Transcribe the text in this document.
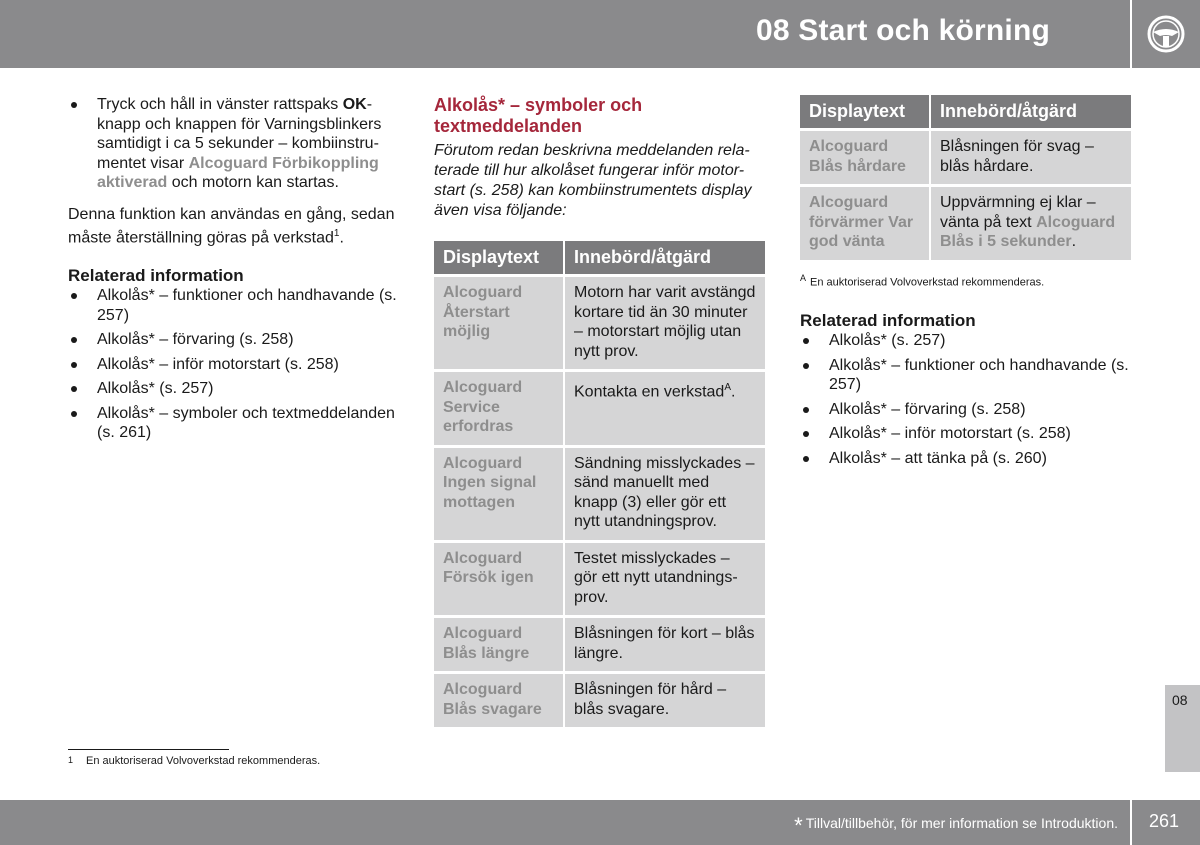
08 Start och körning
Tryck och håll in vänster rattspaks OK-knapp och knappen för Varningsblinkers samtidigt i ca 5 sekunder – kombiinstru-mentet visar Alcoguard Förbikoppling aktiverad och motorn kan startas.

Denna funktion kan användas en gång, sedan måste återställning göras på verkstad$^1$.

Relaterad information
Alkolås* – funktioner och handhavande (s. 257)
Alkolås* – förvaring (s. 258)
Alkolås* – inför motorstart (s. 258)
Alkolås* (s. 257)
Alkolås* – symboler och textmeddelanden (s. 261)
Alkolås* – symboler och textmeddelanden
Förutom redan beskrivna meddelanden rela-terade till hur alkolåset fungerar inför motor-start (s. 258) kan kombiinstrumentets display även visa följande:
Displaytext	Innebörd/åtgärd
Alcoguard Återstart möjlig	Motorn har varit avstängd kortare tid än 30 minuter – motorstart möjlig utan nytt prov.
Alcoguard Service erfordras	Kontakta en verkstad$^A$.
Alcoguard Ingen signal mottagen	Sändning misslyckades – sänd manuellt med knapp (3) eller gör ett nytt utandningsprov.
Alcoguard Försök igen	Testet misslyckades – gör ett nytt utandnings-prov.
Alcoguard Blås längre	Blåsningen för kort – blås längre.
Alcoguard Blås svagare	Blåsningen för hård – blås svagare.
Displaytext	Innebörd/åtgärd
Alcoguard Blås hårdare	Blåsningen för svag – blås hårdare.
Alcoguard förvärmer Var god vänta	Uppvärmning ej klar – vänta på text Alcoguard Blås i 5 sekunder.
$^A$ En auktoriserad Volvoverkstad rekommenderas.
Relaterad information
Alkolås* (s. 257)
Alkolås* – funktioner och handhavande (s. 257)
Alkolås* – förvaring (s. 258)
Alkolås* – inför motorstart (s. 258)
Alkolås* – att tänka på (s. 260)
1 En auktoriserad Volvoverkstad rekommenderas.
08
* Tillval/tillbehör, för mer information se Introduktion. 261
